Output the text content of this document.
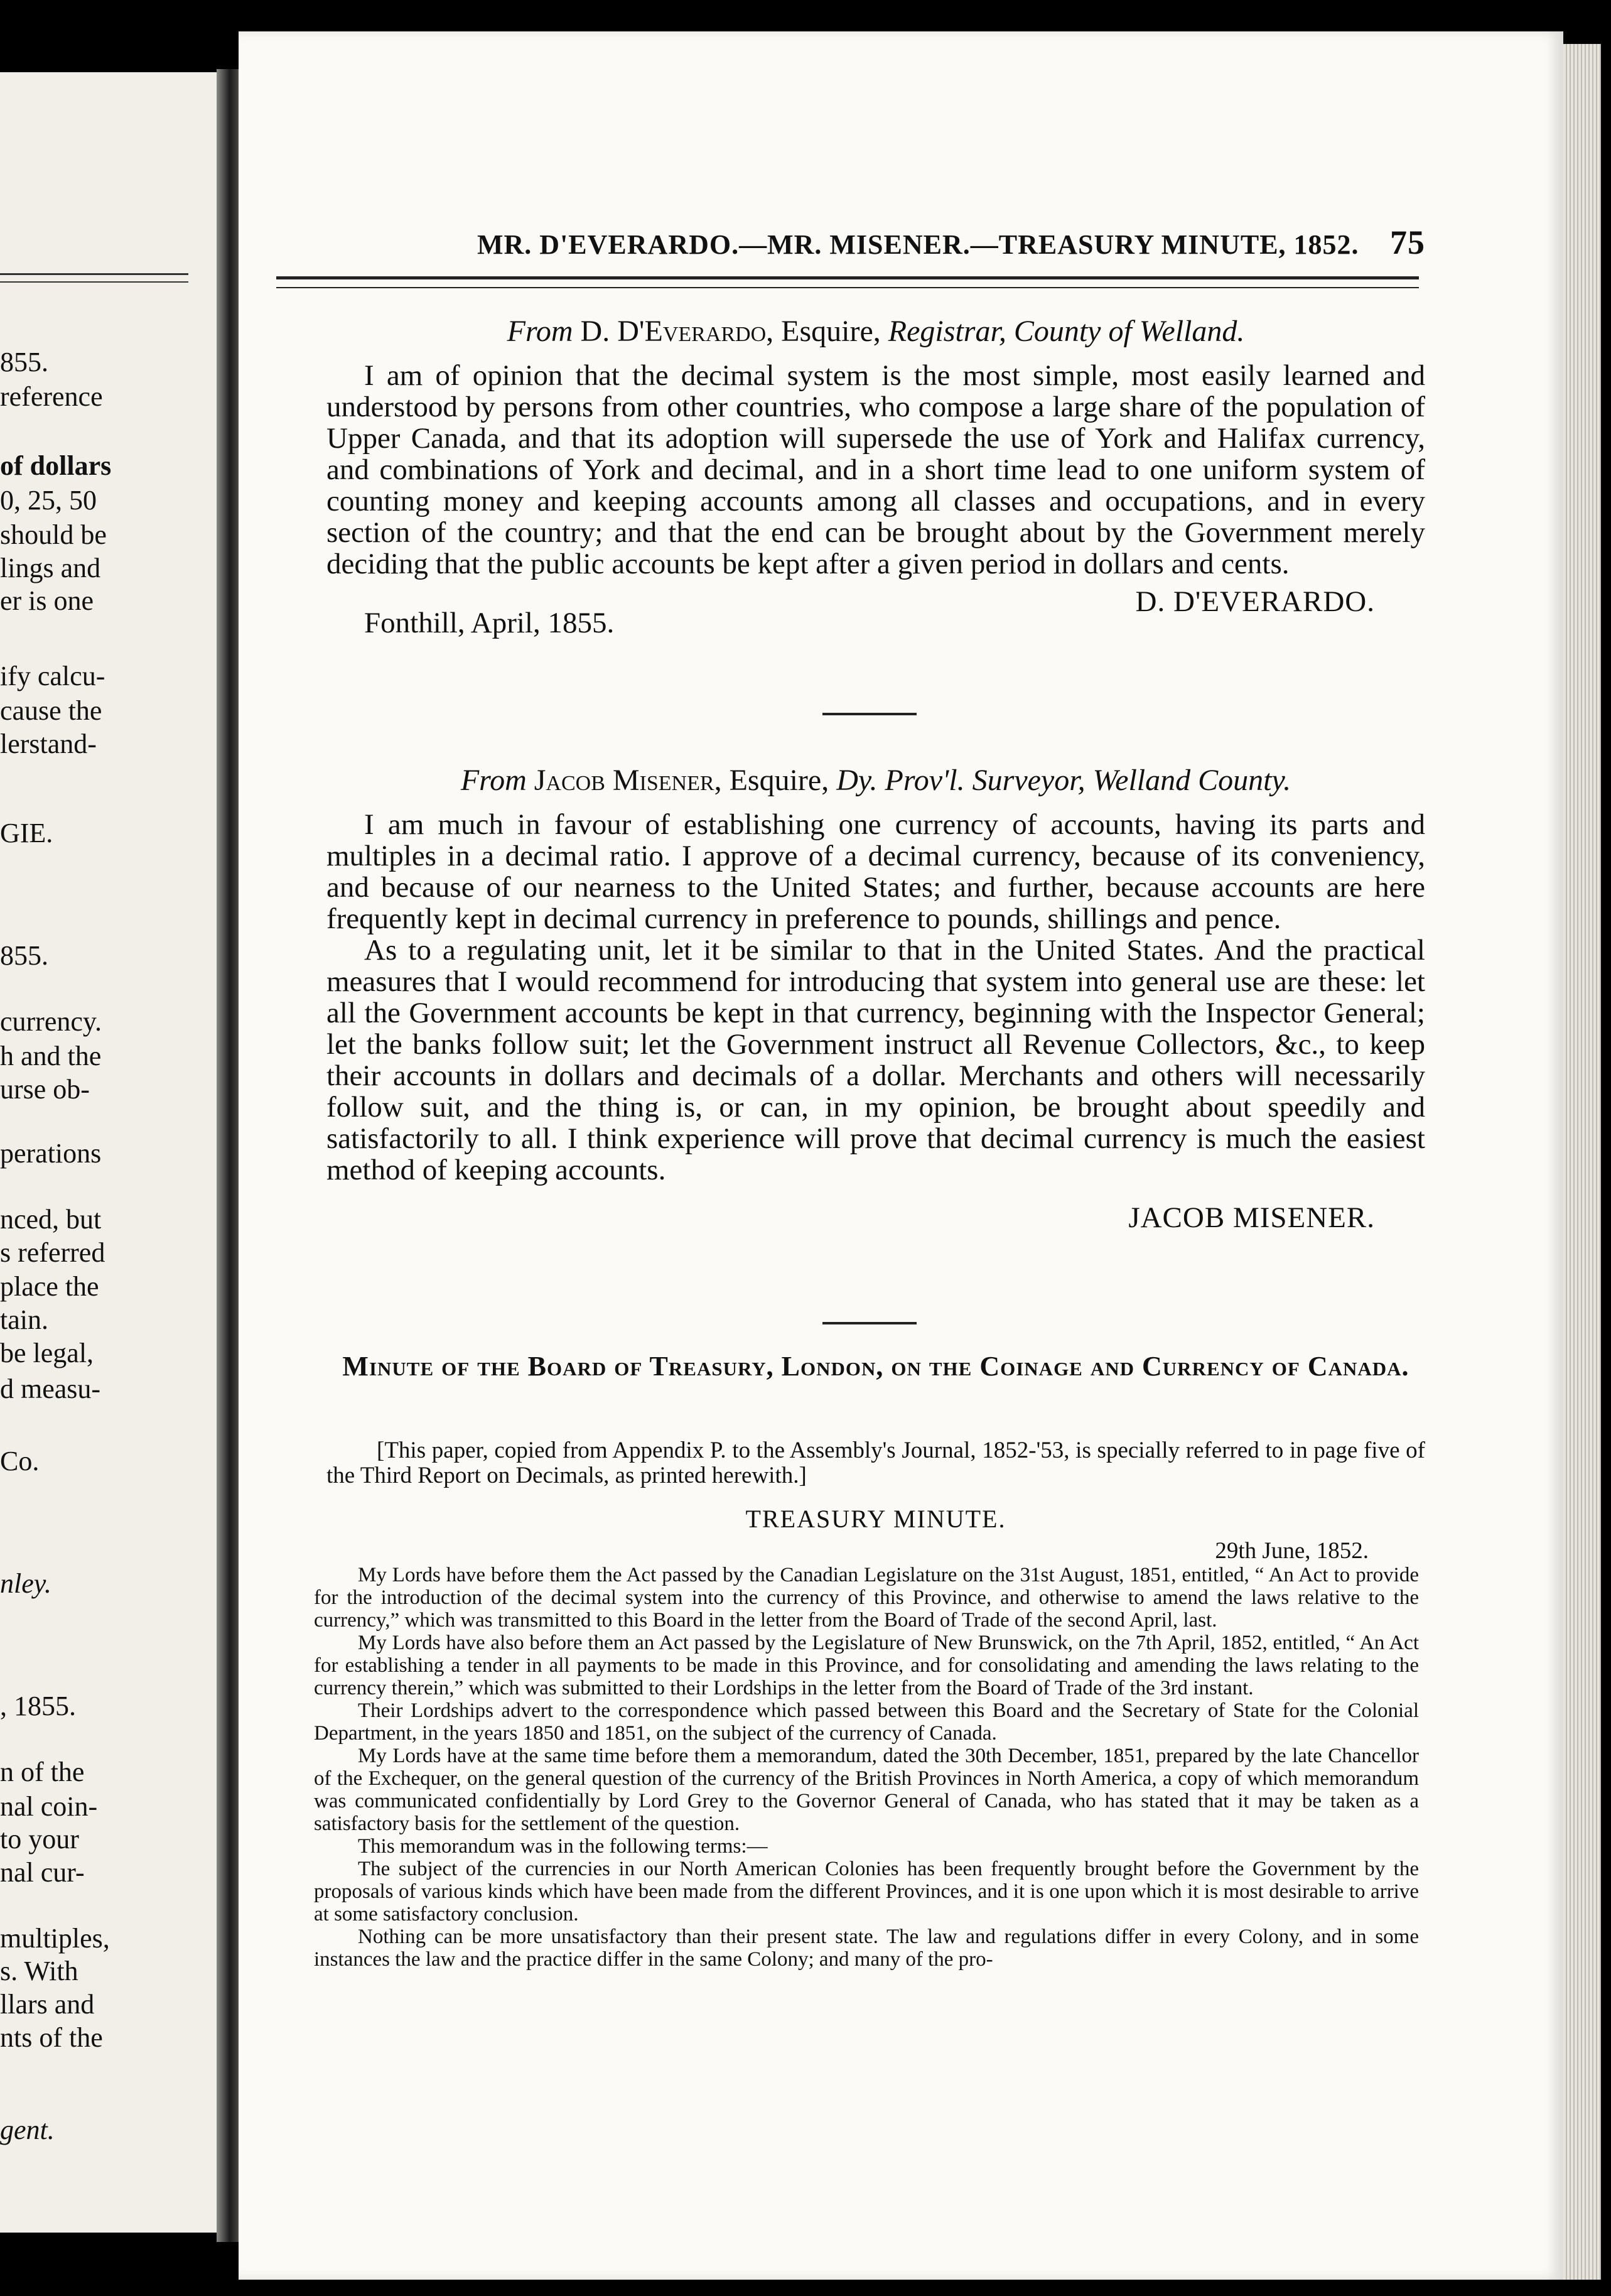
855.
reference
of dollars
0, 25, 50
should be
lings and
er is one
ify calcu-
cause the
lerstand-
GIE.
855.
currency.
h and the
urse ob-
perations
nced, but
s referred
place the
tain.
be legal,
d measu-
Co.
nley.
, 1855.
n of the
nal coin-
to your
nal cur-
multiples,
s. With
llars and
nts of the
gent.
MR. D'EVERARDO.—MR. MISENER.—TREASURY MINUTE, 1852. 75
From D. D'Everardo, Esquire, Registrar, County of Welland.

I am of opinion that the decimal system is the most simple, most easily learned and understood by persons from other countries, who compose a large share of the population of Upper Canada, and that its adoption will supersede the use of York and Halifax currency, and combinations of York and decimal, and in a short time lead to one uniform system of counting money and keeping accounts among all classes and occupations, and in every section of the country; and that the end can be brought about by the Government merely deciding that the public accounts be kept after a given period in dollars and cents.

D. D'EVERARDO.
Fonthill, April, 1855.
From Jacob Misener, Esquire, Dy. Prov'l. Surveyor, Welland County.

I am much in favour of establishing one currency of accounts, having its parts and multiples in a decimal ratio. I approve of a decimal currency, because of its conveniency, and because of our nearness to the United States; and further, because accounts are here frequently kept in decimal currency in preference to pounds, shillings and pence.

As to a regulating unit, let it be similar to that in the United States. And the practical measures that I would recommend for introducing that system into general use are these: let all the Government accounts be kept in that currency, beginning with the Inspector General; let the banks follow suit; let the Government instruct all Revenue Collectors, &c., to keep their accounts in dollars and decimals of a dollar. Merchants and others will necessarily follow suit, and the thing is, or can, in my opinion, be brought about speedily and satisfactorily to all. I think experience will prove that decimal currency is much the easiest method of keeping accounts.

JACOB MISENER.
Minute of the Board of Treasury, London, on the Coinage and Currency of Canada.

[This paper, copied from Appendix P. to the Assembly's Journal, 1852-'53, is specially referred to in page five of the Third Report on Decimals, as printed herewith.]

TREASURY MINUTE.
29th June, 1852.

My Lords have before them the Act passed by the Canadian Legislature on the 31st August, 1851, entitled, “ An Act to provide for the introduction of the decimal system into the currency of this Province, and otherwise to amend the laws relative to the currency,” which was transmitted to this Board in the letter from the Board of Trade of the second April, last.

My Lords have also before them an Act passed by the Legislature of New Brunswick, on the 7th April, 1852, entitled, “ An Act for establishing a tender in all payments to be made in this Province, and for consolidating and amending the laws relating to the currency therein,” which was submitted to their Lordships in the letter from the Board of Trade of the 3rd instant.

Their Lordships advert to the correspondence which passed between this Board and the Secretary of State for the Colonial Department, in the years 1850 and 1851, on the subject of the currency of Canada.

My Lords have at the same time before them a memorandum, dated the 30th December, 1851, prepared by the late Chancellor of the Exchequer, on the general question of the currency of the British Provinces in North America, a copy of which memorandum was communicated confidentially by Lord Grey to the Governor General of Canada, who has stated that it may be taken as a satisfactory basis for the settlement of the question.

This memorandum was in the following terms:—

The subject of the currencies in our North American Colonies has been frequently brought before the Government by the proposals of various kinds which have been made from the different Provinces, and it is one upon which it is most desirable to arrive at some satisfactory conclusion.

Nothing can be more unsatisfactory than their present state. The law and regulations differ in every Colony, and in some instances the law and the practice differ in the same Colony; and many of the pro-
